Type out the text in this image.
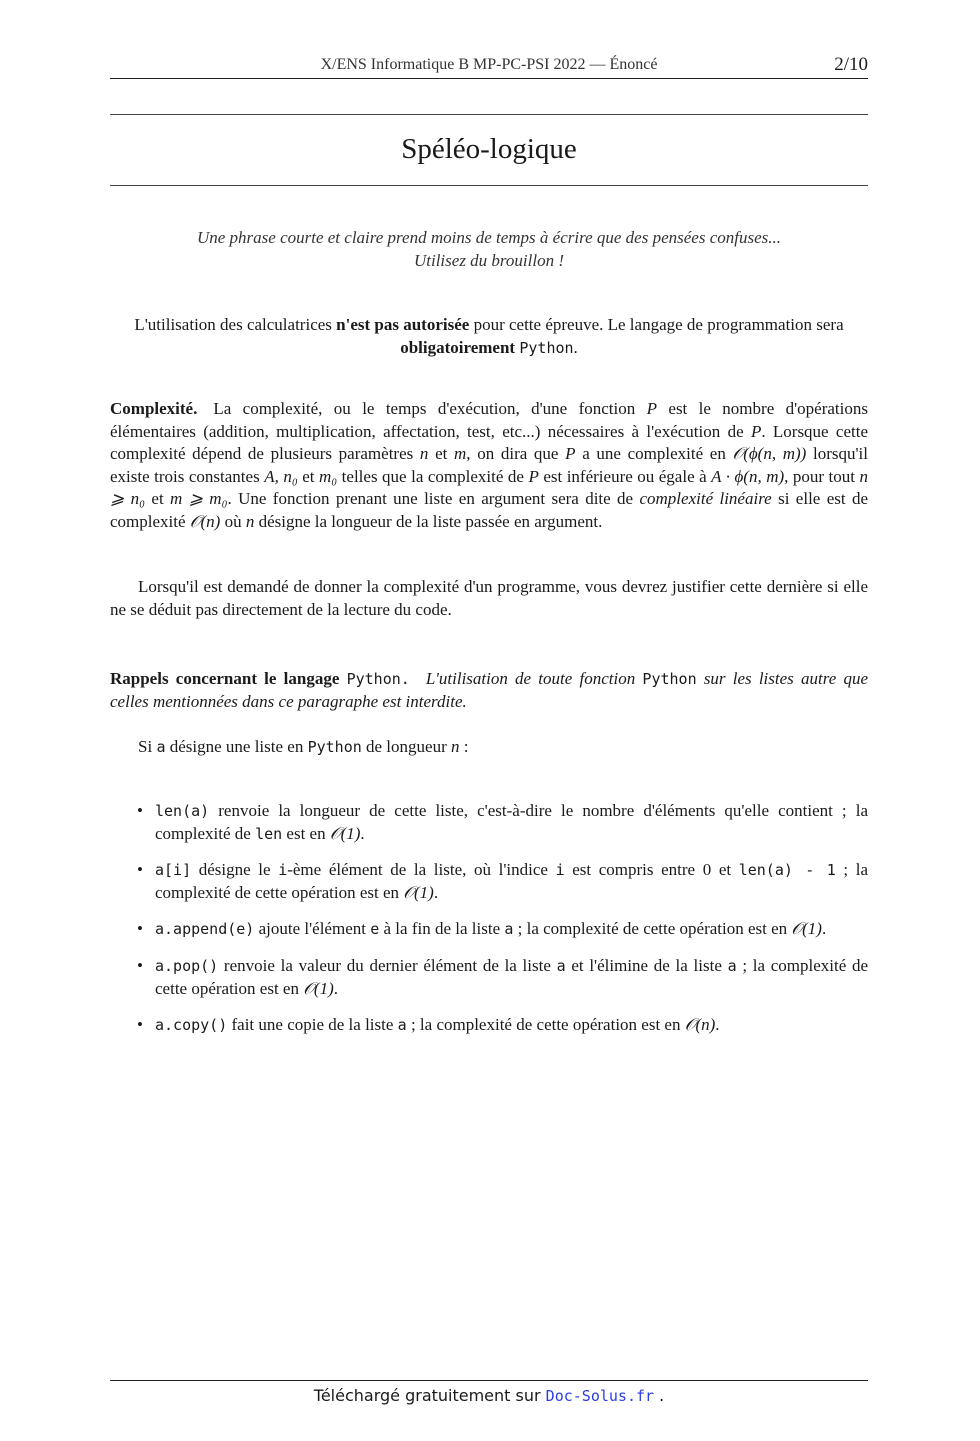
X/ENS Informatique B MP-PC-PSI 2022 — Énoncé	2/10
Spéléo-logique
Une phrase courte et claire prend moins de temps à écrire que des pensées confuses...
Utilisez du brouillon !
L'utilisation des calculatrices n'est pas autorisée pour cette épreuve. Le langage de programmation sera obligatoirement Python.
Complexité. La complexité, ou le temps d'exécution, d'une fonction P est le nombre d'opérations élémentaires (addition, multiplication, affectation, test, etc...) nécessaires à l'exécution de P. Lorsque cette complexité dépend de plusieurs paramètres n et m, on dira que P a une complexité en 𝒪(ϕ(n, m)) lorsqu'il existe trois constantes A, n₀ et m₀ telles que la complexité de P est inférieure ou égale à A · ϕ(n, m), pour tout n ⩾ n₀ et m ⩾ m₀. Une fonction prenant une liste en argument sera dite de complexité linéaire si elle est de complexité 𝒪(n) où n désigne la longueur de la liste passée en argument.
Lorsqu'il est demandé de donner la complexité d'un programme, vous devrez justifier cette dernière si elle ne se déduit pas directement de la lecture du code.
Rappels concernant le langage Python. L'utilisation de toute fonction Python sur les listes autre que celles mentionnées dans ce paragraphe est interdite.
Si a désigne une liste en Python de longueur n :
• len(a) renvoie la longueur de cette liste, c'est-à-dire le nombre d'éléments qu'elle contient ; la complexité de len est en 𝒪(1).
• a[i] désigne le i-ème élément de la liste, où l'indice i est compris entre 0 et len(a) - 1 ; la complexité de cette opération est en 𝒪(1).
• a.append(e) ajoute l'élément e à la fin de la liste a ; la complexité de cette opération est en 𝒪(1).
• a.pop() renvoie la valeur du dernier élément de la liste a et l'élimine de la liste a ; la complexité de cette opération est en 𝒪(1).
• a.copy() fait une copie de la liste a ; la complexité de cette opération est en 𝒪(n).
Téléchargé gratuitement sur Doc-Solus.fr .
